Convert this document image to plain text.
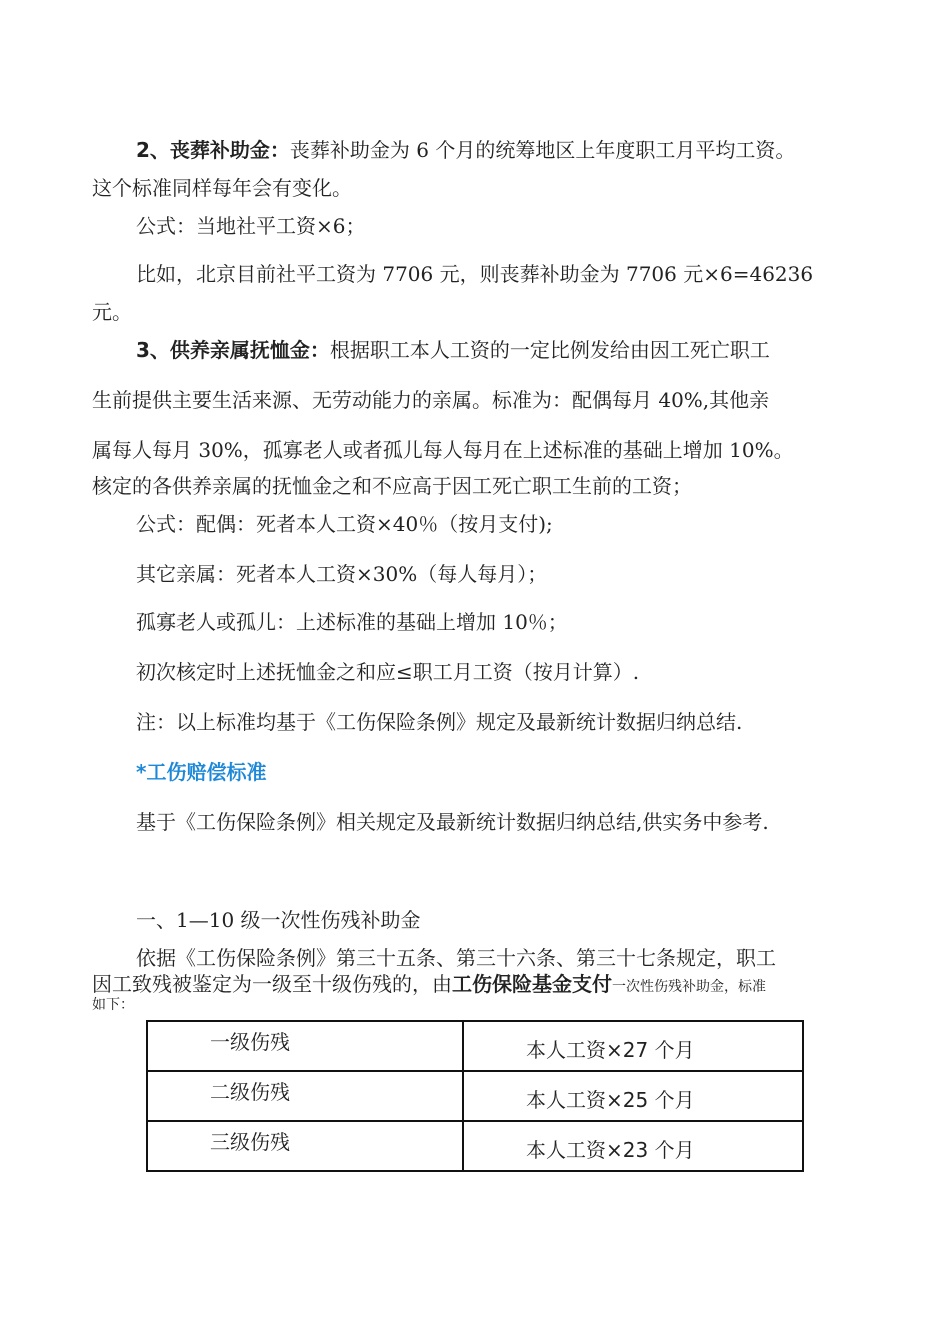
2、丧葬补助金：丧葬补助金为 6 个月的统筹地区上年度职工月平均工资。
这个标准同样每年会有变化。
公式：当地社平工资×6；
比如，北京目前社平工资为 7706 元，则丧葬补助金为 7706 元×6=46236
元。
3、供养亲属抚恤金：根据职工本人工资的一定比例发给由因工死亡职工
生前提供主要生活来源、无劳动能力的亲属。标准为：配偶每月 40%,其他亲
属每人每月 30%，孤寡老人或者孤儿每人每月在上述标准的基础上增加 10%。
核定的各供养亲属的抚恤金之和不应高于因工死亡职工生前的工资；
公式：配偶：死者本人工资×40％（按月支付);
其它亲属：死者本人工资×30%（每人每月）；
孤寡老人或孤儿：上述标准的基础上增加 10％；
初次核定时上述抚恤金之和应≤职工月工资（按月计算）.
注：以上标准均基于《工伤保险条例》规定及最新统计数据归纳总结.
*工伤赔偿标准
基于《工伤保险条例》相关规定及最新统计数据归纳总结,供实务中参考.
一、1—10 级一次性伤残补助金
依据《工伤保险条例》第三十五条、第三十六条、第三十七条规定，职工
因工致残被鉴定为一级至十级伤残的，由工伤保险基金支付一次性伤残补助金，标准
如下：
一级伤残	本人工资×27 个月

二级伤残	本人工资×25 个月

三级伤残	本人工资×23 个月
